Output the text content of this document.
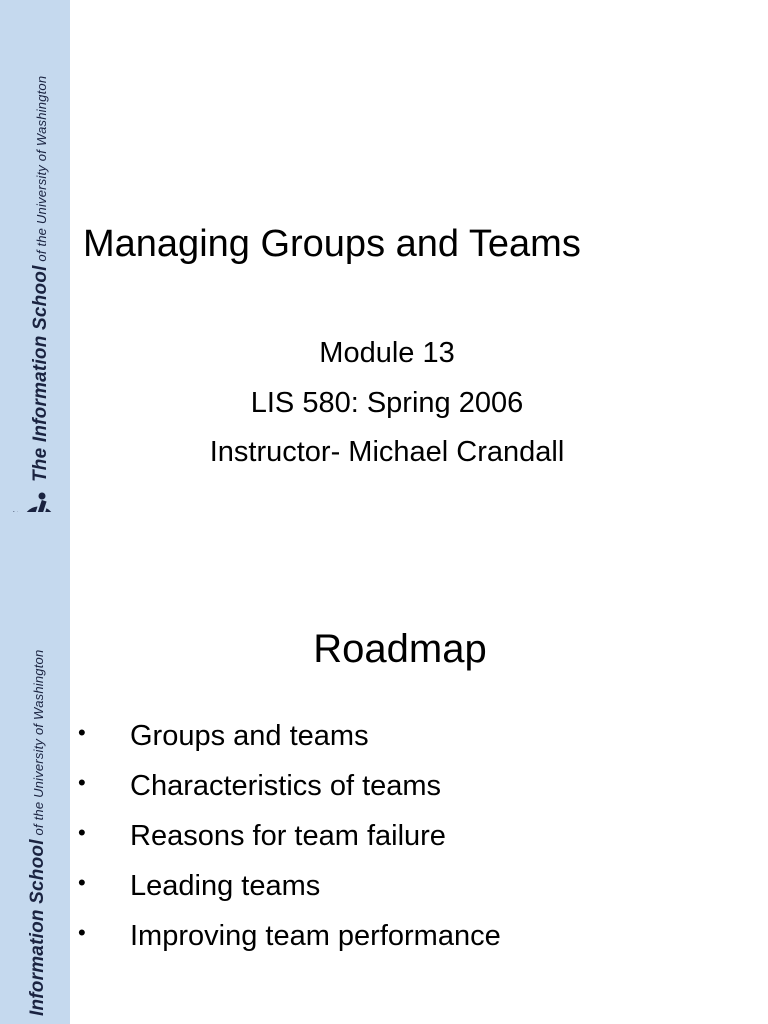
The Information School of the University of Washington Managing Groups and Teams
Module 13
LIS 580: Spring 2006
Instructor- Michael Crandall
Information School of the University of Washington
Roadmap
• Groups and teams
• Characteristics of teams
• Reasons for team failure
• Leading teams
• Improving team performance
